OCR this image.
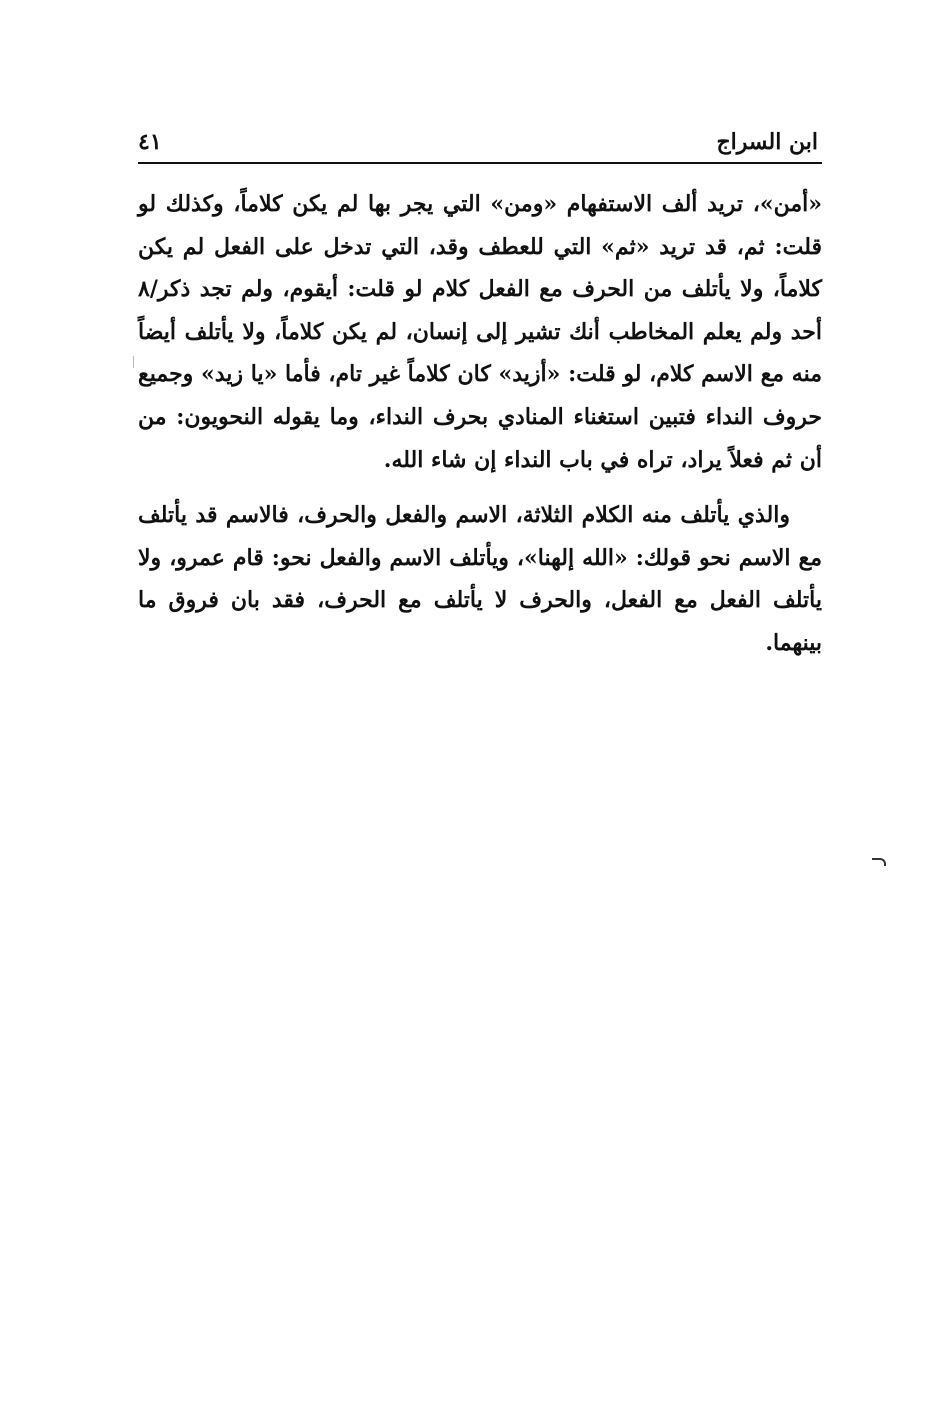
ابن السراج
٤١

«أمن»، تريد ألف الاستفهام «ومن» التي يجر بها لم يكن كلاماً، وكذلك لو قلت: ثم، قد تريد «ثم» التي للعطف وقد، التي تدخل على الفعل لم يكن كلاماً، ولا يأتلف من الحرف مع الفعل كلام لو قلت: أيقوم، ولم تجد ذكر/٨ أحد ولم يعلم المخاطب أنك تشير إلى إنسان، لم يكن كلاماً، ولا يأتلف أيضاً منه مع الاسم كلام، لو قلت: «أزيد» كان كلاماً غير تام، فأما «يا زيد» وجميع حروف النداء فتبين استغناء المنادي بحرف النداء، وما يقوله النحويون: من أن ثم فعلاً يراد، تراه في باب النداء إن شاء الله.

والذي يأتلف منه الكلام الثلاثة، الاسم والفعل والحرف، فالاسم قد يأتلف مع الاسم نحو قولك: «الله إلهنا»، ويأتلف الاسم والفعل نحو: قام عمرو، ولا يأتلف الفعل مع الفعل، والحرف لا يأتلف مع الحرف، فقد بان فروق ما بينهما.
